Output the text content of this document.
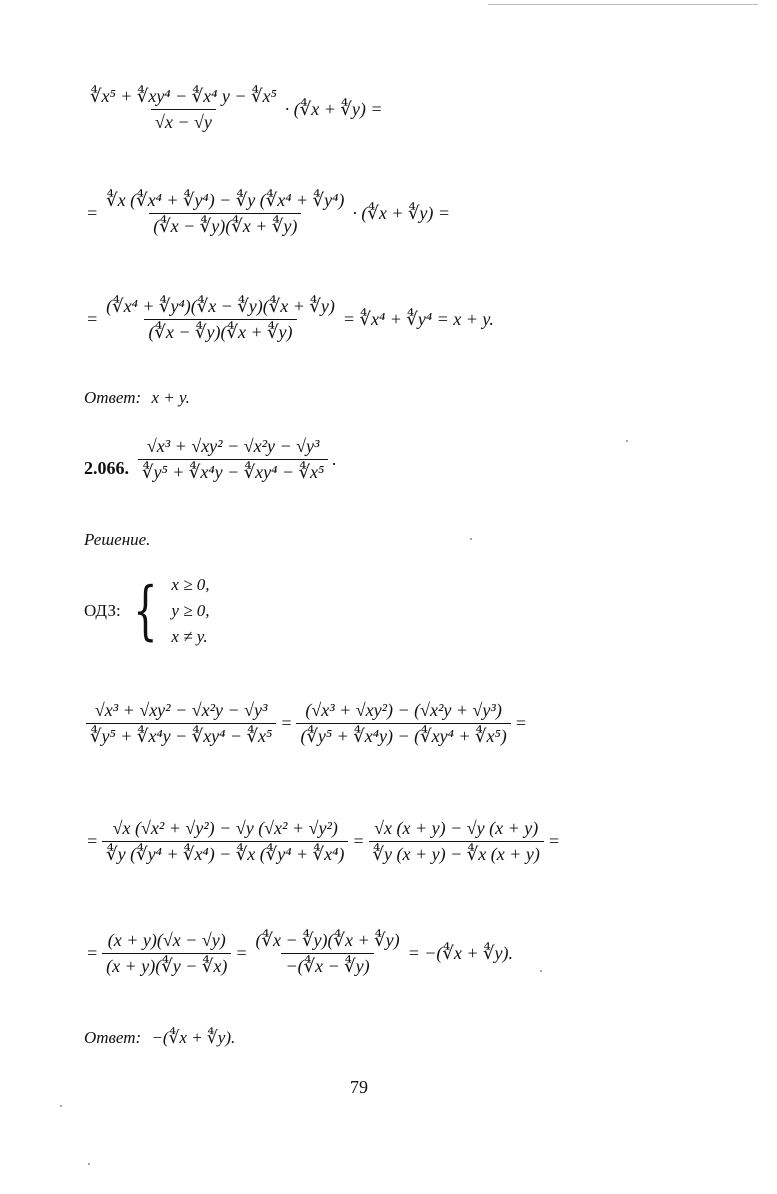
$\frac{\text{∜x⁵ + ∜xy⁴ − ∜x⁴ y − ∜x⁵}}{√x - √y}$ · (∜x + ∜y) =
= $\frac{\text{∜x (∜x⁴ + ∜y⁴) − ∜y (∜x⁴ + ∜y⁴)}}{(∜x - ∜y)(∜x + ∜y)}$ · (∜x + ∜y) =
= $\frac{\text{(∜x⁴ + ∜y⁴)(∜x − ∜y)(∜x + ∜y)}}{(∜x - ∜y)(∜x + ∜y)}$ = ∜x⁴ + ∜y⁴ = x + y.
Ответ: x + y.
2.066. $\frac{\text{√x³ + √xy² − √x²y − √y³}}{\text{∜y⁵ + ∜x⁴y − ∜xy⁴ − ∜x⁵}}$ .
Решение.
ОДЗ: { x ≥ 0,
y ≥ 0,
x ≠ y.
$\frac{\text{√x³ + √xy² − √x²y − √y³}}{\text{∜y⁵ + ∜x⁴y − ∜xy⁴ − ∜x⁵}} = \frac{\text{(√x³ + √xy²) − (√x²y + √y³)}}{\text{(∜y⁵ + ∜x⁴y) − (∜xy⁴ + ∜x⁵)}}$ =
= $\frac{\text{√x (√x² + √y²) − √y (√x² + √y²)}}{\text{∜y (∜y⁴ + ∜x⁴) − ∜x (∜y⁴ + ∜x⁴)}} = \frac{√x (x + y) - √y (x + y)}{∜y (x + y) - ∜x (x + y)}$ =
= $\frac{(x + y)(√x - √y)}{(x + y)(∜y - ∜x)} = \frac{(∜x - ∜y)(∜x + ∜y)}{-(∜x - ∜y)}$ = −(∜x + ∜y).
Ответ: −(∜x + ∜y).
79
